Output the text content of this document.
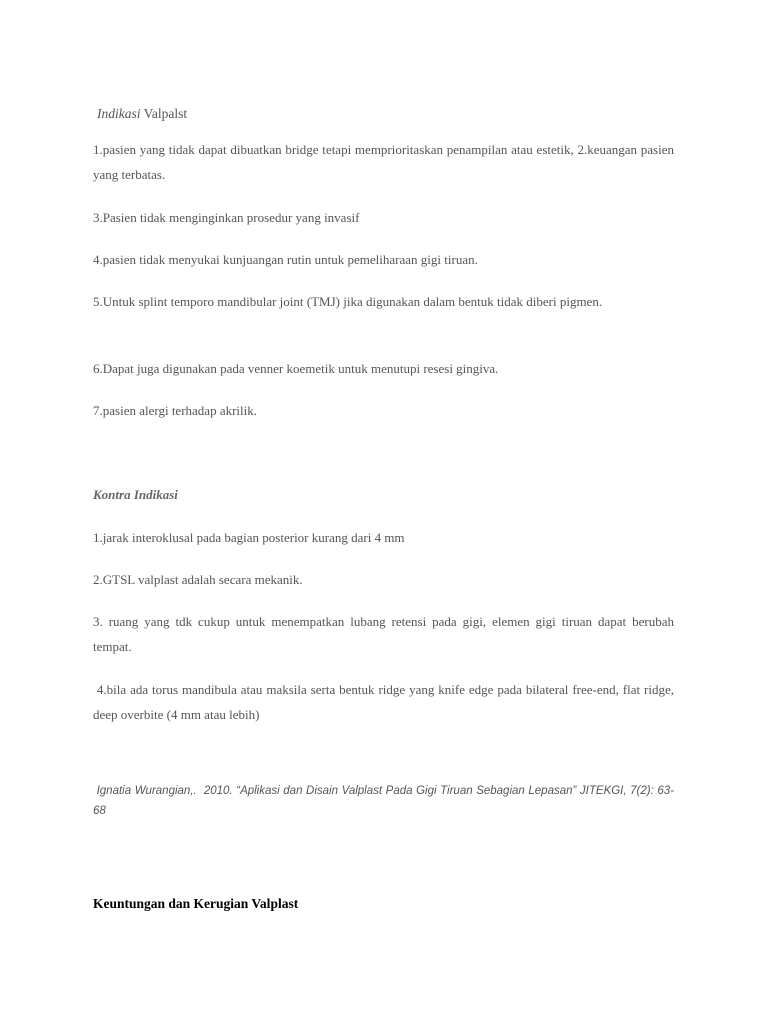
Indikasi Valpalst

1.pasien yang tidak dapat dibuatkan bridge tetapi memprioritaskan penampilan atau estetik, 2.keuangan pasien yang terbatas.

3.Pasien tidak menginginkan prosedur yang invasif

4.pasien tidak menyukai kunjuangan rutin untuk pemeliharaan gigi tiruan.

5.Untuk splint temporo mandibular joint (TMJ) jika digunakan dalam bentuk tidak diberi pigmen.

6.Dapat juga digunakan pada venner koemetik untuk menutupi resesi gingiva.

7.pasien alergi terhadap akrilik.

Kontra Indikasi

1.jarak interoklusal pada bagian posterior kurang dari 4 mm

2.GTSL valplast adalah secara mekanik.

3. ruang yang tdk cukup untuk menempatkan lubang retensi pada gigi, elemen gigi tiruan dapat berubah tempat.

4.bila ada torus mandibula atau maksila serta bentuk ridge yang knife edge pada bilateral free-end, flat ridge, deep overbite (4 mm atau lebih)

Ignatia Wurangian,.  2010. “Aplikasi dan Disain Valplast Pada Gigi Tiruan Sebagian Lepasan” JITEKGI, 7(2): 63-68

Keuntungan dan Kerugian Valplast
